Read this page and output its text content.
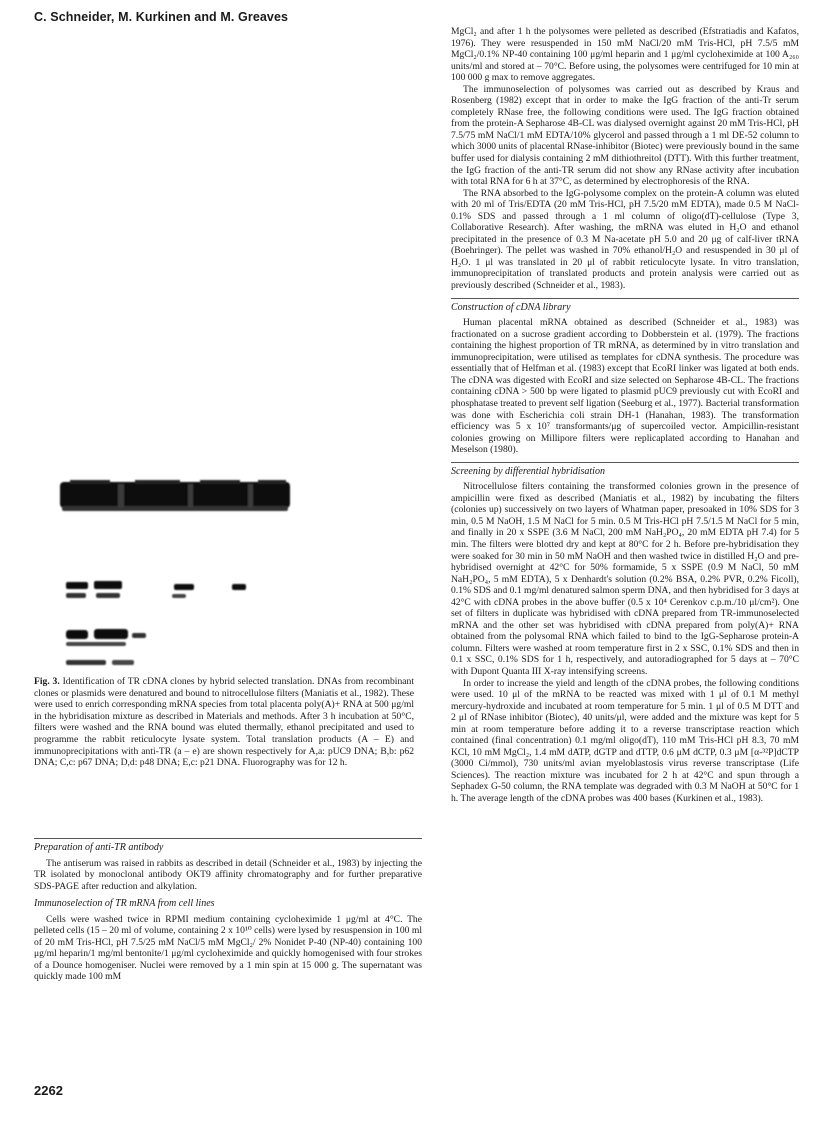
C. Schneider, M. Kurkinen and M. Greaves
Fig. 3. Identification of TR cDNA clones by hybrid selected translation. DNAs from recombinant clones or plasmids were denatured and bound to nitrocellulose filters (Maniatis et al., 1982). These were used to enrich corresponding mRNA species from total placenta poly(A)+ RNA at 500 μg/ml in the hybridisation mixture as described in Materials and methods. After 3 h incubation at 50°C, filters were washed and the RNA bound was eluted thermally, ethanol precipitated and used to programme the rabbit reticulocyte lysate system. Total translation products (A – E) and immunoprecipitations with anti-TR (a – e) are shown respectively for A,a: pUC9 DNA; B,b: p62 DNA; C,c: p67 DNA; D,d: p48 DNA; E,c: p21 DNA. Fluorography was for 12 h.
Preparation of anti-TR antibody

The antiserum was raised in rabbits as described in detail (Schneider et al., 1983) by injecting the TR isolated by monoclonal antibody OKT9 affinity chromatography and for further preparative SDS-PAGE after reduction and alkylation.

Immunoselection of TR mRNA from cell lines

Cells were washed twice in RPMI medium containing cycloheximide 1 μg/ml at 4°C. The pelleted cells (15 – 20 ml of volume, containing 2 x 10¹⁰ cells) were lysed by resuspension in 100 ml of 20 mM Tris-HCl, pH 7.5/25 mM NaCl/5 mM MgCl₂/ 2% Nonidet P-40 (NP-40) containing 100 μg/ml heparin/1 mg/ml bentonite/1 μg/ml cycloheximide and quickly homogenised with four strokes of a Dounce homogeniser. Nuclei were removed by a 1 min spin at 15 000 g. The supernatant was quickly made 100 mM

MgCl₂ and after 1 h the polysomes were pelleted as described (Efstratiadis and Kafatos, 1976). They were resuspended in 150 mM NaCl/20 mM Tris-HCl, pH 7.5/5 mM MgCl₂/0.1% NP-40 containing 100 μg/ml heparin and 1 μg/ml cycloheximide at 100 A₂₆₀ units/ml and stored at – 70°C. Before using, the polysomes were centrifuged for 10 min at 100 000 g max to remove aggregates.

The immunoselection of polysomes was carried out as described by Kraus and Rosenberg (1982) except that in order to make the IgG fraction of the anti-Tr serum completely RNase free, the following conditions were used. The IgG fraction obtained from the protein-A Sepharose 4B-CL was dialysed overnight against 20 mM Tris-HCl, pH 7.5/75 mM NaCl/1 mM EDTA/10% glycerol and passed through a 1 ml DE-52 column to which 3000 units of placental RNase-inhibitor (Biotec) were previously bound in the same buffer used for dialysis containing 2 mM dithiothreitol (DTT). With this further treatment, the IgG fraction of the anti-TR serum did not show any RNase activity after incubation with total RNA for 6 h at 37°C, as determined by electrophoresis of the RNA.

The RNA absorbed to the IgG-polysome complex on the protein-A column was eluted with 20 ml of Tris/EDTA (20 mM Tris-HCl, pH 7.5/20 mM EDTA), made 0.5 M NaCl-0.1% SDS and passed through a 1 ml column of oligo(dT)-cellulose (Type 3, Collaborative Research). After washing, the mRNA was eluted in H₂O and ethanol precipitated in the presence of 0.3 M Na-acetate pH 5.0 and 20 μg of calf-liver tRNA (Boehringer). The pellet was washed in 70% ethanol/H₂O and resuspended in 30 μl of H₂O. 1 μl was translated in 20 μl of rabbit reticulocyte lysate. In vitro translation, immunoprecipitation of translated products and protein analysis were carried out as previously described (Schneider et al., 1983).

Construction of cDNA library

Human placental mRNA obtained as described (Schneider et al., 1983) was fractionated on a sucrose gradient according to Dobberstein et al. (1979). The fractions containing the highest proportion of TR mRNA, as determined by in vitro translation and immunoprecipitation, were utilised as templates for cDNA synthesis. The procedure was essentially that of Helfman et al. (1983) except that EcoRI linker was ligated at both ends. The cDNA was digested with EcoRI and size selected on Sepharose 4B-CL. The fractions containing cDNA > 500 bp were ligated to plasmid pUC9 previously cut with EcoRI and phosphatase treated to prevent self ligation (Seeburg et al., 1977). Bacterial transformation was done with Escherichia coli strain DH-1 (Hanahan, 1983). The transformation efficiency was 5 x 10⁷ transformants/μg of supercoiled vector. Ampicillin-resistant colonies growing on Millipore filters were replicaplated according to Hanahan and Meselson (1980).

Screening by differential hybridisation

Nitrocellulose filters containing the transformed colonies grown in the presence of ampicillin were fixed as described (Maniatis et al., 1982) by incubating the filters (colonies up) successively on two layers of Whatman paper, presoaked in 10% SDS for 3 min, 0.5 M NaOH, 1.5 M NaCl for 5 min. 0.5 M Tris-HCl pH 7.5/1.5 M NaCl for 5 min, and finally in 20 x SSPE (3.6 M NaCl, 200 mM NaH₂PO₄, 20 mM EDTA pH 7.4) for 5 min. The filters were blotted dry and kept at 80°C for 2 h. Before pre-hybridisation they were soaked for 30 min in 50 mM NaOH and then washed twice in distilled H₂O and pre-hybridised overnight at 42°C for 50% formamide, 5 x SSPE (0.9 M NaCl, 50 mM NaH₂PO₄, 5 mM EDTA), 5 x Denhardt's solution (0.2% BSA, 0.2% PVR, 0.2% Ficoll), 0.1% SDS and 0.1 mg/ml denatured salmon sperm DNA, and then hybridised for 3 days at 42°C with cDNA probes in the above buffer (0.5 x 10⁴ Cerenkov c.p.m./10 μl/cm²). One set of filters in duplicate was hybridised with cDNA prepared from TR-immunoselected mRNA and the other set was hybridised with cDNA prepared from poly(A)+ RNA obtained from the polysomal RNA which failed to bind to the IgG-Sepharose protein-A column. Filters were washed at room temperature first in 2 x SSC, 0.1% SDS and then in 0.1 x SSC, 0.1% SDS for 1 h, respectively, and autoradiographed for 5 days at – 70°C with Dupont Quanta III X-ray intensifying screens.

In order to increase the yield and length of the cDNA probes, the following conditions were used. 10 μl of the mRNA to be reacted was mixed with 1 μl of 0.1 M methyl mercury-hydroxide and incubated at room temperature for 5 min. 1 μl of 0.5 M DTT and 2 μl of RNase inhibitor (Biotec), 40 units/μl, were added and the mixture was kept for 5 min at room temperature before adding it to a reverse transcriptase reaction which contained (final concentration) 0.1 mg/ml oligo(dT), 110 mM Tris-HCl pH 8.3, 70 mM KCl, 10 mM MgCl₂, 1.4 mM dATP, dGTP and dTTP, 0.6 μM dCTP, 0.3 μM [α-³²P]dCTP (3000 Ci/mmol), 730 units/ml avian myeloblastosis virus reverse transcriptase (Life Sciences). The reaction mixture was incubated for 2 h at 42°C and spun through a Sephadex G-50 column, the RNA template was degraded with 0.3 M NaOH at 50°C for 1 h. The average length of the cDNA probes was 400 bases (Kurkinen et al., 1983).

2262
